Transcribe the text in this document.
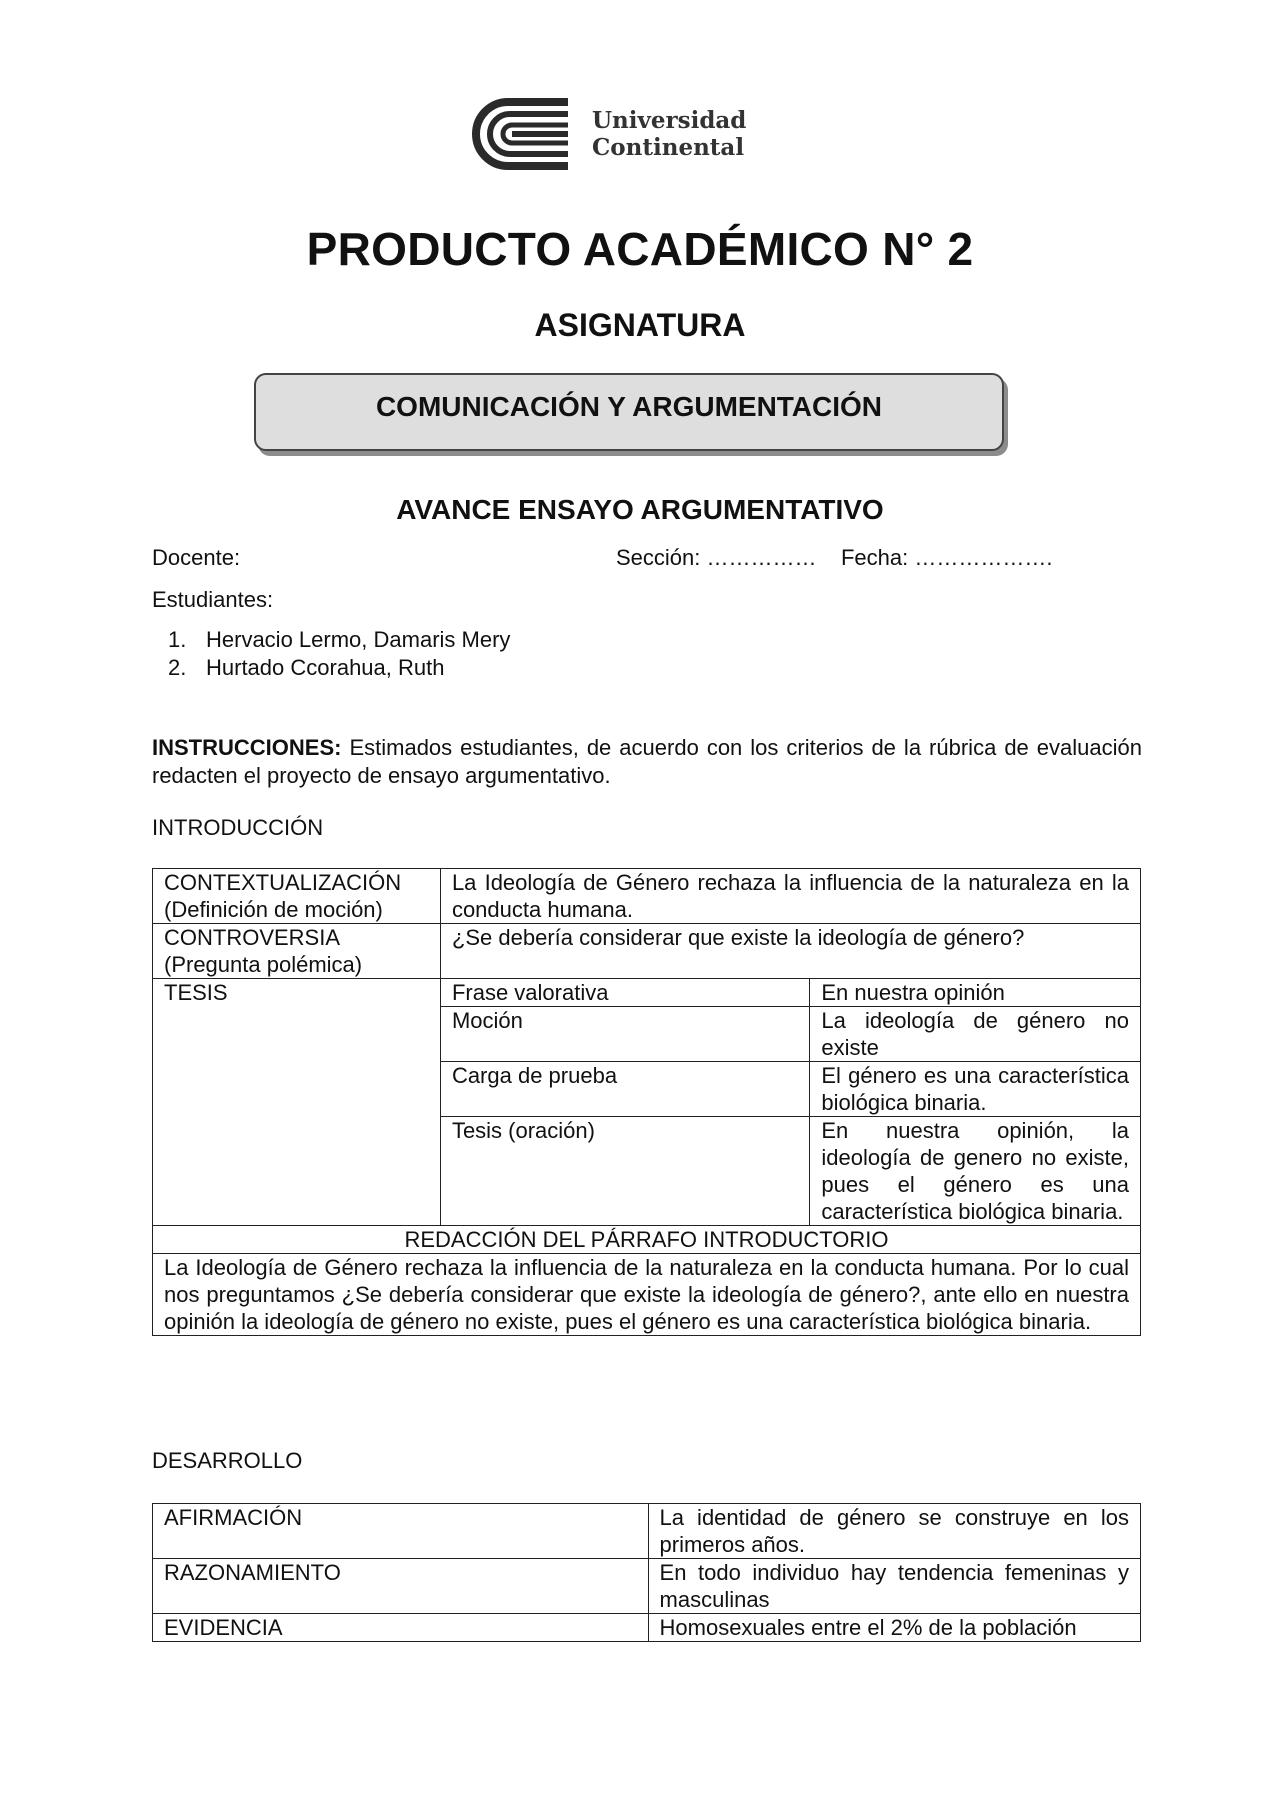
Universidad
Continental
PRODUCTO ACADÉMICO N° 2
ASIGNATURA
COMUNICACIÓN Y ARGUMENTACIÓN
AVANCE ENSAYO ARGUMENTATIVO
Docente:	Sección: …………… Fecha: ……………….
Estudiantes:
1. Hervacio Lermo, Damaris Mery
2. Hurtado Ccorahua, Ruth
INSTRUCCIONES: Estimados estudiantes, de acuerdo con los criterios de la rúbrica de evaluación redacten el proyecto de ensayo argumentativo.
INTRODUCCIÓN
CONTEXTUALIZACIÓN
(Definición de moción)	La Ideología de Género rechaza la influencia de la naturaleza en la conducta humana.	

CONTROVERSIA
(Pregunta polémica)	¿Se debería considerar que existe la ideología de género?	
TESIS	Frase valorativa	En nuestra opinión
	Moción	La ideología de género no existe
	Carga de prueba	El género es una característica biológica binaria.
	Tesis (oración)	En nuestra opinión, la ideología de genero no existe, pues el género es una característica biológica binaria.
REDACCIÓN DEL PÁRRAFO INTRODUCTORIO		
La Ideología de Género rechaza la influencia de la naturaleza en la conducta humana. Por lo cual nos preguntamos ¿Se debería considerar que existe la ideología de género?, ante ello en nuestra opinión la ideología de género no existe, pues el género es una característica biológica binaria.		
DESARROLLO
AFIRMACIÓN	La identidad de género se construye en los primeros años.
RAZONAMIENTO	En todo individuo hay tendencia femeninas y masculinas
EVIDENCIA	Homosexuales entre el 2% de la población
